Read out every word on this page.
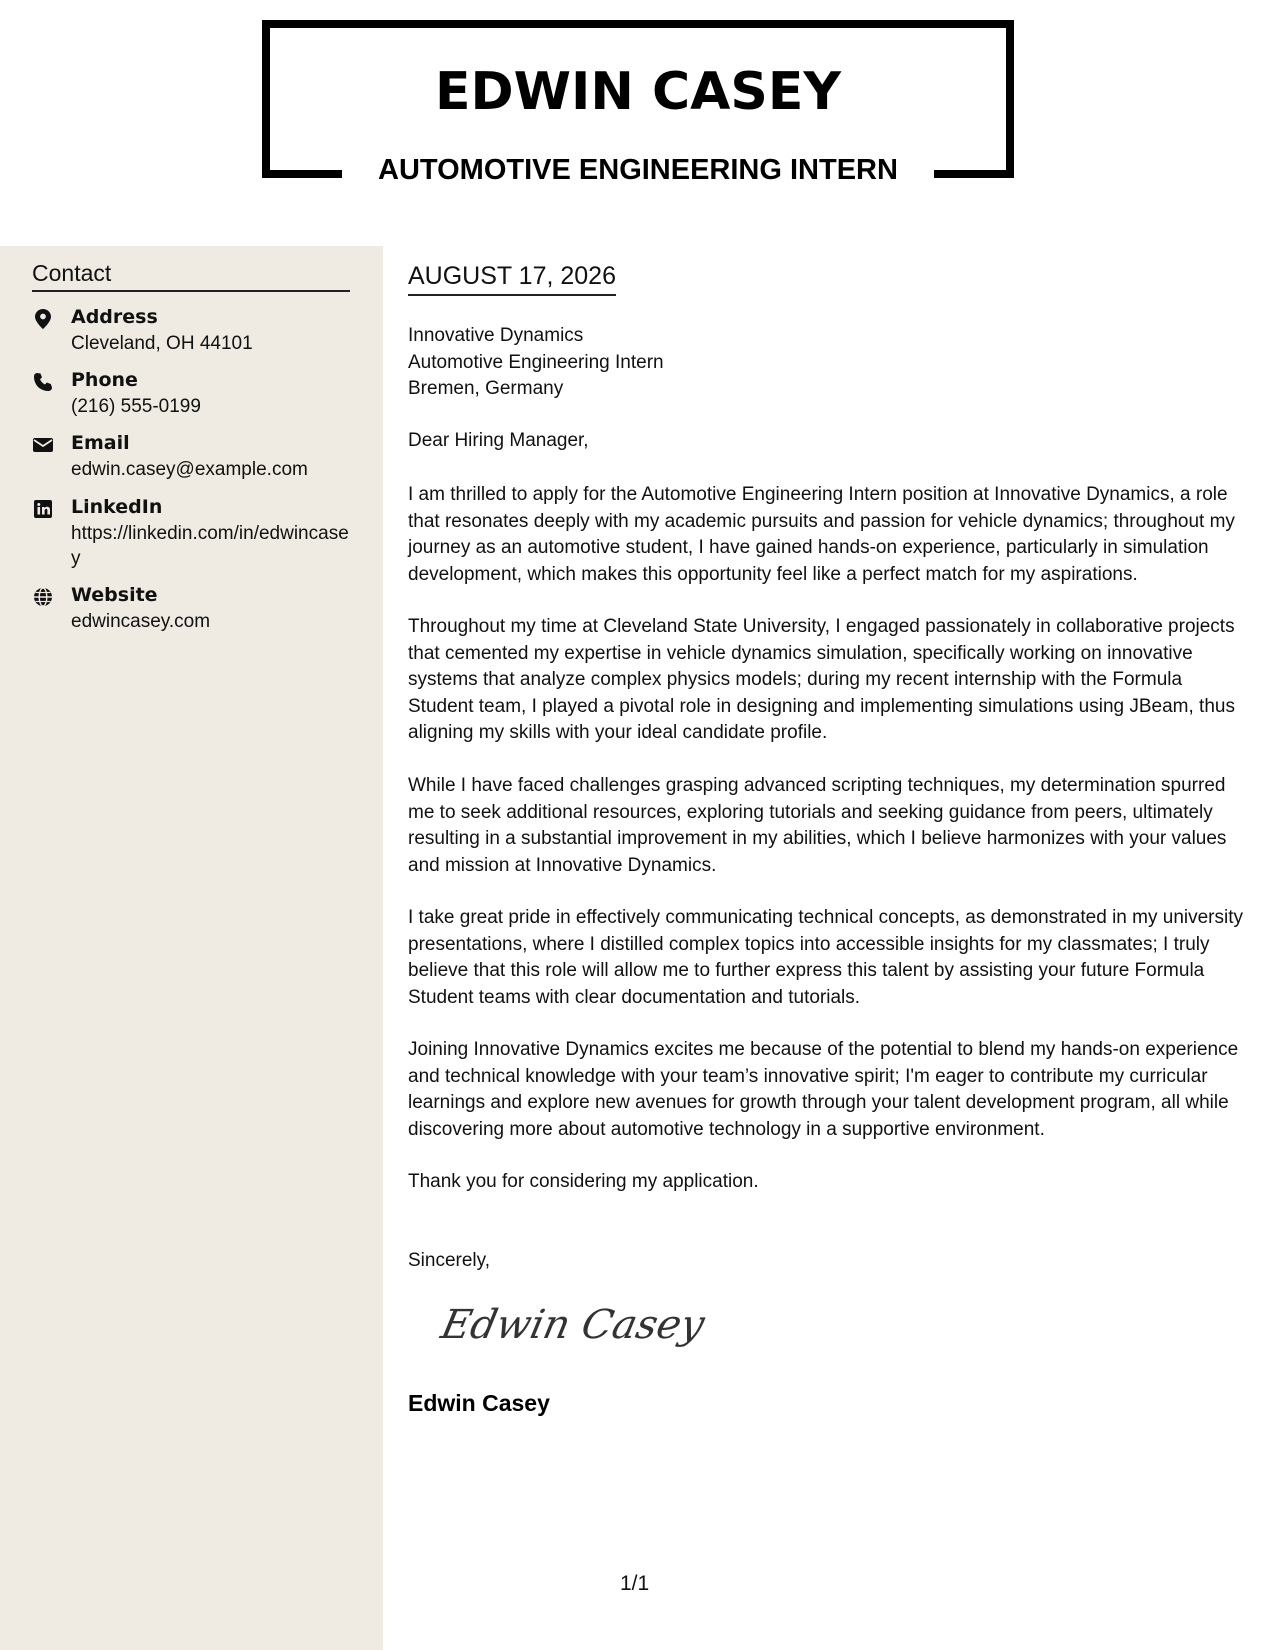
EDWIN CASEY
AUTOMOTIVE ENGINEERING INTERN
Contact
Address
Cleveland, OH 44101
Phone
(216) 555-0199
Email
edwin.casey@example.com
LinkedIn
https://linkedin.com/in/edwincasey
Website
edwincasey.com
AUGUST 17, 2026
Innovative Dynamics
Automotive Engineering Intern
Bremen, Germany
Dear Hiring Manager,
I am thrilled to apply for the Automotive Engineering Intern position at Innovative Dynamics, a role that resonates deeply with my academic pursuits and passion for vehicle dynamics; throughout my journey as an automotive student, I have gained hands-on experience, particularly in simulation development, which makes this opportunity feel like a perfect match for my aspirations.
Throughout my time at Cleveland State University, I engaged passionately in collaborative projects that cemented my expertise in vehicle dynamics simulation, specifically working on innovative systems that analyze complex physics models; during my recent internship with the Formula Student team, I played a pivotal role in designing and implementing simulations using JBeam, thus aligning my skills with your ideal candidate profile.
While I have faced challenges grasping advanced scripting techniques, my determination spurred me to seek additional resources, exploring tutorials and seeking guidance from peers, ultimately resulting in a substantial improvement in my abilities, which I believe harmonizes with your values and mission at Innovative Dynamics.
I take great pride in effectively communicating technical concepts, as demonstrated in my university presentations, where I distilled complex topics into accessible insights for my classmates; I truly believe that this role will allow me to further express this talent by assisting your future Formula Student teams with clear documentation and tutorials.
Joining Innovative Dynamics excites me because of the potential to blend my hands-on experience and technical knowledge with your team’s innovative spirit; I'm eager to contribute my curricular learnings and explore new avenues for growth through your talent development program, all while discovering more about automotive technology in a supportive environment.
Thank you for considering my application.
Sincerely,
Edwin Casey
Edwin Casey
1/1
